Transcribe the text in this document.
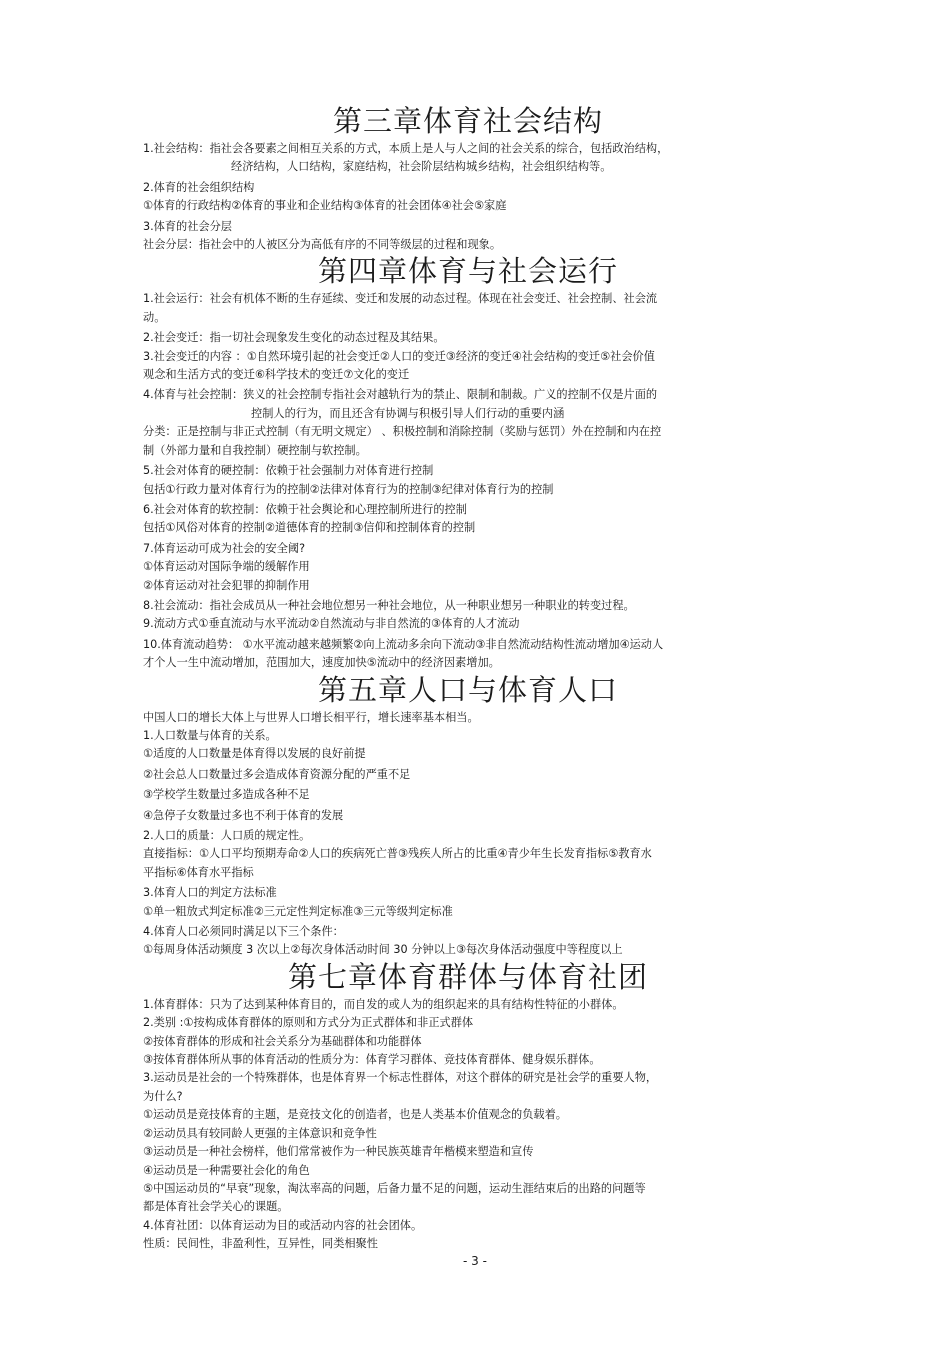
第三章体育社会结构
1.社会结构：指社会各要素之间相互关系的方式，本质上是人与人之间的社会关系的综合，包括政治结构，
经济结构，人口结构，家庭结构，社会阶层结构城乡结构，社会组织结构等。
2.体育的社会组织结构
①体育的行政结构②体育的事业和企业结构③体育的社会团体④社会⑤家庭
3.体育的社会分层
社会分层：指社会中的人被区分为高低有序的不同等级层的过程和现象。
第四章体育与社会运行
1.社会运行：社会有机体不断的生存延续、变迁和发展的动态过程。体现在社会变迁、社会控制、社会流
动。
2.社会变迁：指一切社会现象发生变化的动态过程及其结果。
3.社会变迁的内容 ：①自然环境引起的社会变迁②人口的变迁③经济的变迁④社会结构的变迁⑤社会价值
观念和生活方式的变迁⑥科学技术的变迁⑦文化的变迁
4.体育与社会控制：狭义的社会控制专指社会对越轨行为的禁止、限制和制裁。广义的控制不仅是片面的
控制人的行为，而且还含有协调与积极引导人们行动的重要内涵
分类：正是控制与非正式控制（有无明文规定） 、积极控制和消除控制（奖励与惩罚）外在控制和内在控
制（外部力量和自我控制）硬控制与软控制。
5.社会对体育的硬控制：依赖于社会强制力对体育进行控制
包括①行政力量对体育行为的控制②法律对体育行为的控制③纪律对体育行为的控制
6.社会对体育的软控制：依赖于社会舆论和心理控制所进行的控制
包括①风俗对体育的控制②道德体育的控制③信仰和控制体育的控制
7.体育运动可成为社会的安全阈?
①体育运动对国际争端的缓解作用
②体育运动对社会犯罪的抑制作用
8.社会流动：指社会成员从一种社会地位想另一种社会地位，从一种职业想另一种职业的转变过程。
9.流动方式①垂直流动与水平流动②自然流动与非自然流的③体育的人才流动
10.体育流动趋势： ①水平流动越来越频繁②向上流动多余向下流动③非自然流动结构性流动增加④运动人
才个人一生中流动增加，范围加大，速度加快⑤流动中的经济因素增加。
第五章人口与体育人口
中国人口的增长大体上与世界人口增长相平行，增长速率基本相当。
1.人口数量与体育的关系。
①适度的人口数量是体育得以发展的良好前提
②社会总人口数量过多会造成体育资源分配的严重不足
③学校学生数量过多造成各种不足
④急停子女数量过多也不利于体育的发展
2.人口的质量：人口质的规定性。
直接指标：①人口平均预期寿命②人口的疾病死亡普③残疾人所占的比重④青少年生长发育指标⑤教育水
平指标⑥体育水平指标
3.体育人口的判定方法标准
①单一粗放式判定标准②三元定性判定标准③三元等级判定标准
4.体育人口必须同时满足以下三个条件：
①每周身体活动频度 3 次以上②每次身体活动时间 30 分钟以上③每次身体活动强度中等程度以上
第七章体育群体与体育社团
1.体育群体：只为了达到某种体育目的，而自发的或人为的组织起来的具有结构性特征的小群体。
2.类别 :①按构成体育群体的原则和方式分为正式群体和非正式群体
②按体育群体的形成和社会关系分为基础群体和功能群体
③按体育群体所从事的体育活动的性质分为：体育学习群体、竞技体育群体、健身娱乐群体。
3.运动员是社会的一个特殊群体，也是体育界一个标志性群体，对这个群体的研究是社会学的重要人物，
为什么?
①运动员是竞技体育的主题，是竞技文化的创造者，也是人类基本价值观念的负载着。
②运动员具有较同龄人更强的主体意识和竞争性
③运动员是一种社会榜样，他们常常被作为一种民族英雄青年楷模来塑造和宣传
④运动员是一种需要社会化的角色
⑤中国运动员的“早衰”现象，淘汰率高的问题，后备力量不足的问题，运动生涯结束后的出路的问题等
都是体育社会学关心的课题。
4.体育社团：以体育运动为目的或活动内容的社会团体。
性质：民间性，非盈利性，互异性，同类相聚性
- 3 -
